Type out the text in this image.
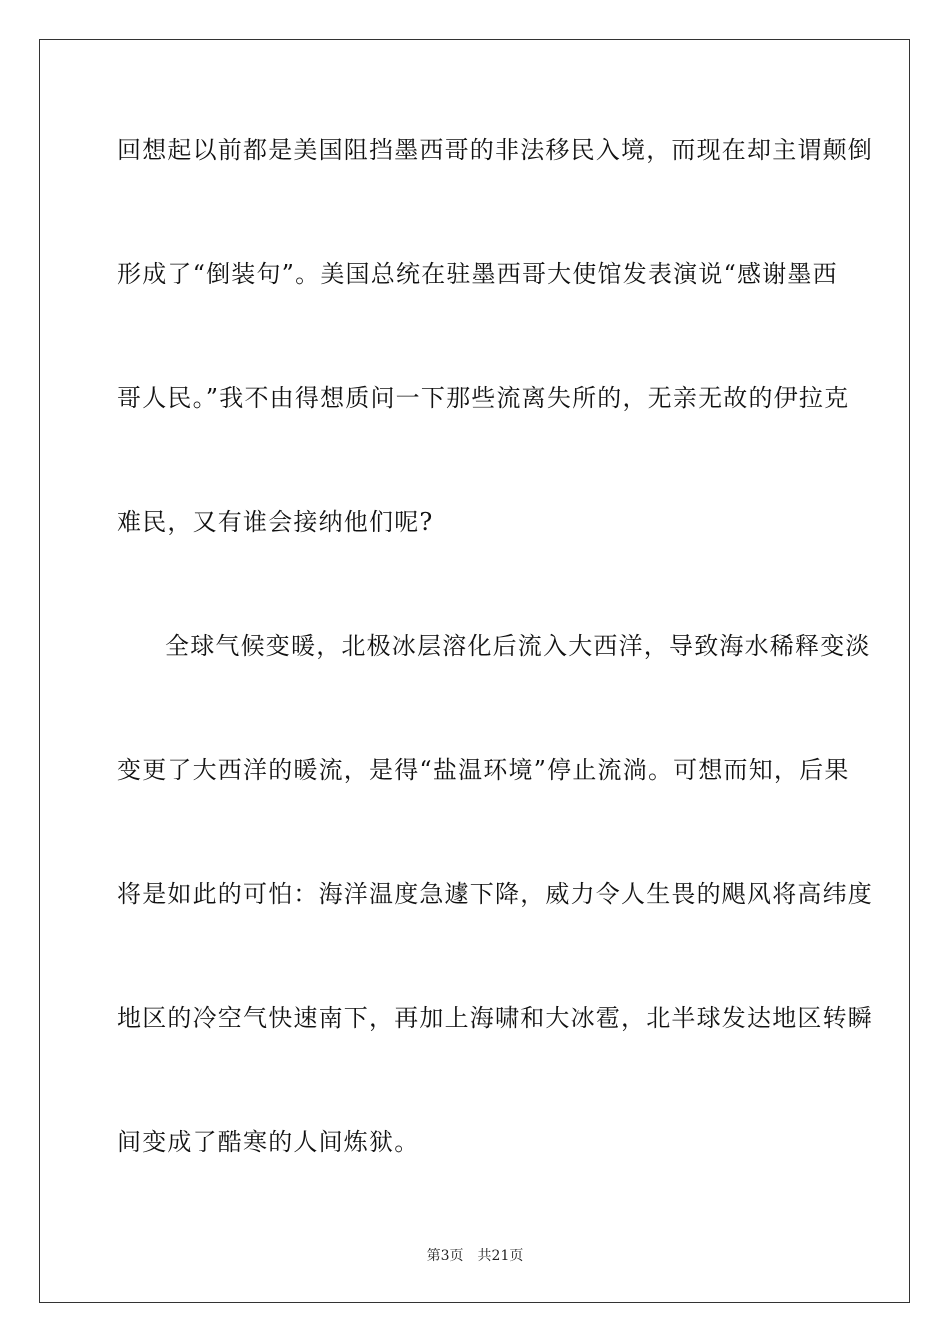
回想起以前都是美国阻挡墨西哥的非法移民入境，而现在却主谓颠倒
形成了“倒装句”。美国总统在驻墨西哥大使馆发表演说“感谢墨西
哥人民。”我不由得想质问一下那些流离失所的，无亲无故的伊拉克
难民，又有谁会接纳他们呢?
全球气候变暖，北极冰层溶化后流入大西洋，导致海水稀释变淡
变更了大西洋的暖流，是得“盐温环境”停止流淌。可想而知，后果
将是如此的可怕：海洋温度急遽下降，威力令人生畏的飓风将高纬度
地区的冷空气快速南下，再加上海啸和大冰雹，北半球发达地区转瞬
间变成了酷寒的人间炼狱。
第3页 共21页
